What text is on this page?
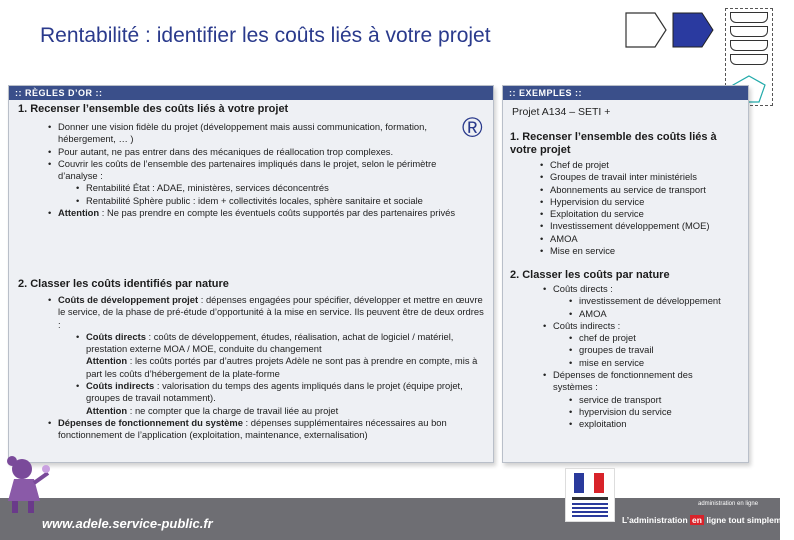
Rentabilité : identifier les coûts liés à votre projet
:: RÈGLES D’OR ::
1. Recenser l’ensemble des coûts liés à votre projet
®
• Donner une vision fidèle du projet (développement mais aussi communication, formation, hébergement, … )
• Pour autant, ne pas entrer dans des mécaniques de réallocation trop complexes.
• Couvrir les coûts de l’ensemble des partenaires impliqués dans le projet, selon le périmètre d’analyse :
• Rentabilité État : ADAE, ministères, services déconcentrés
• Rentabilité Sphère public : idem + collectivités locales, sphère sanitaire et sociale
• Attention : Ne pas prendre en compte les éventuels coûts supportés par des partenaires privés
2. Classer les coûts identifiés par nature
• Coûts de développement projet : dépenses engagées pour spécifier, développer et mettre en œuvre le service, de la phase de pré-étude d’opportunité à la mise en service. Ils peuvent être de deux ordres :
• Coûts directs : coûts de développement, études, réalisation, achat de logiciel / matériel, prestation externe MOA / MOE, conduite du changement
Attention : les coûts portés par d’autres projets Adèle ne sont pas à prendre en compte, mis à part les coûts d’hébergement de la plate-forme
• Coûts indirects : valorisation du temps des agents impliqués dans le projet (équipe projet, groupes de travail notamment).
Attention : ne compter que la charge de travail liée au projet
• Dépenses de fonctionnement du système : dépenses supplémentaires nécessaires au bon fonctionnement de l’application (exploitation, maintenance, externalisation)
:: EXEMPLES ::
Projet A134 – SETI +
1. Recenser l’ensemble des coûts liés à votre projet
• Chef de projet
• Groupes de travail inter ministériels
• Abonnements au service de transport
• Hypervision du service
• Exploitation du service
• Investissement développement (MOE)
• AMOA
• Mise en service
2. Classer les coûts par nature
• Coûts directs :
• investissement de développement
• AMOA
• Coûts indirects :
• chef de projet
• groupes de travail
• mise en service
• Dépenses de fonctionnement des systèmes :
• service de transport
• hypervision du service
• exploitation
www.adele.service-public.fr
+ adèle
administration en ligne
L’administration en ligne tout simplement
